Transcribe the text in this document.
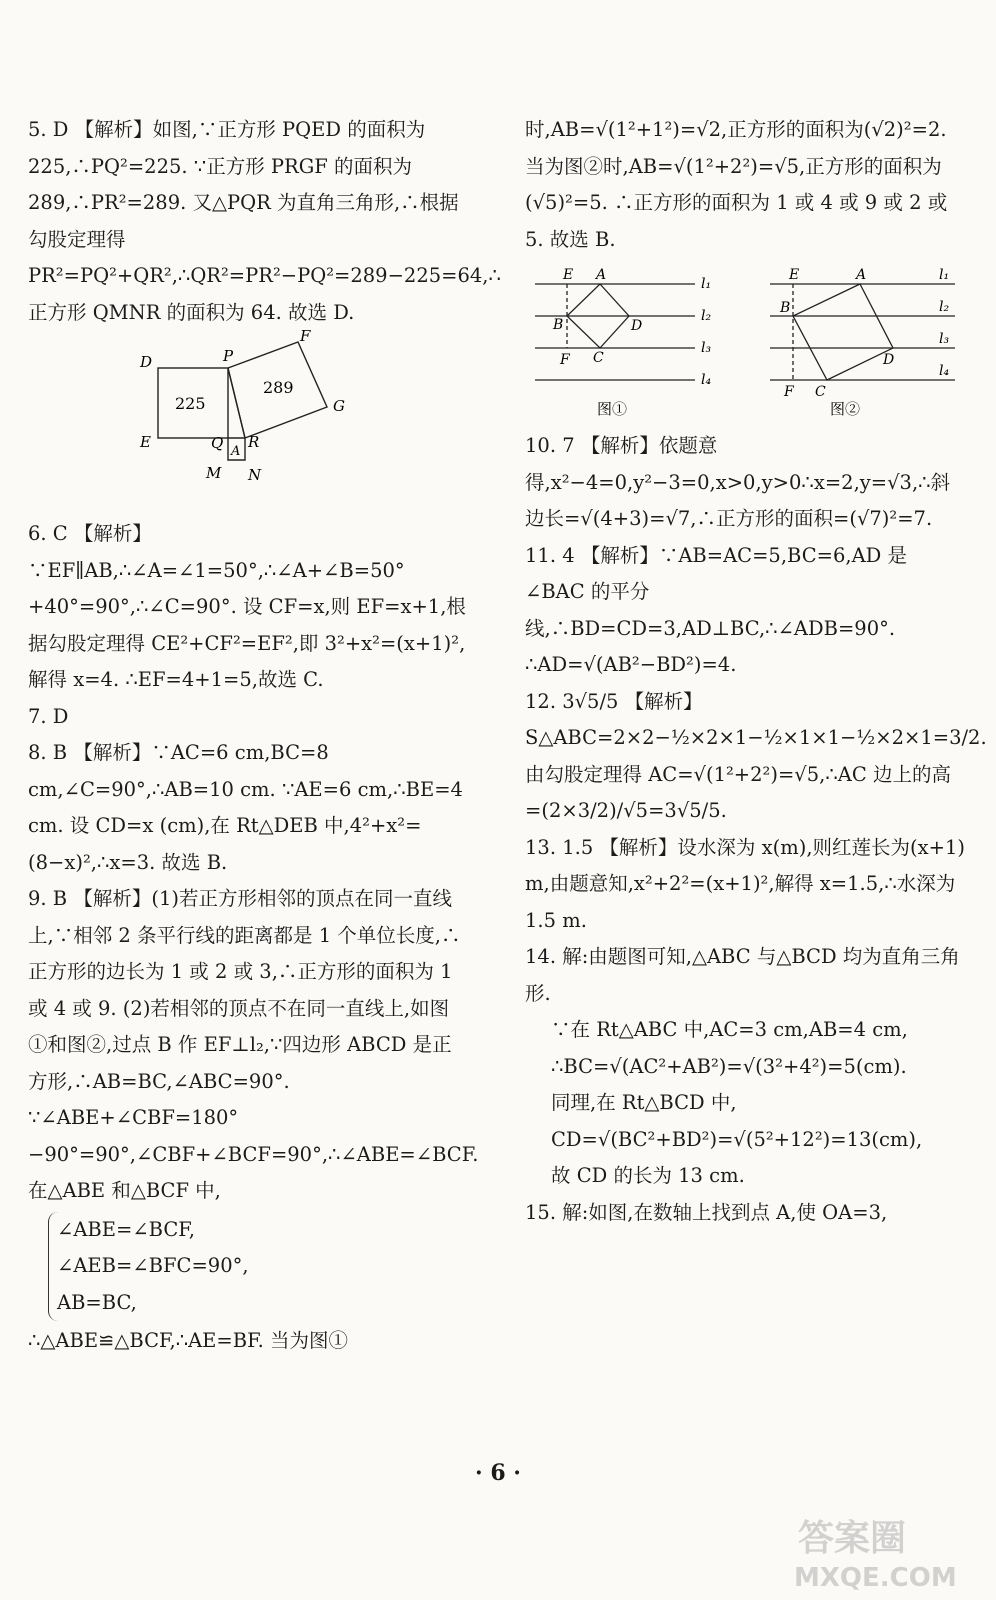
5. D 【解析】如图,∵正方形 PQED 的面积为 225,∴PQ²=225. ∵正方形 PRGF 的面积为 289,∴PR²=289. 又△PQR 为直角三角形,∴根据勾股定理得 PR²=PQ²+QR²,∴QR²=PR²−PQ²=289−225=64,∴正方形 QMNR 的面积为 64. 故选 D.

D	P
F
E	Q R
M N
G
A
225
289

6. C 【解析】∵EF∥AB,∴∠A=∠1=50°,∴∠A+∠B=50°+40°=90°,∴∠C=90°. 设 CF=x,则 EF=x+1,根据勾股定理得 CE²+CF²=EF²,即 3²+x²=(x+1)²,解得 x=4. ∴EF=4+1=5,故选 C.

7. D

8. B 【解析】∵AC=6 cm,BC=8 cm,∠C=90°,∴AB=10 cm. ∵AE=6 cm,∴BE=4 cm. 设 CD=x (cm),在 Rt△DEB 中,4²+x²=(8−x)²,∴x=3. 故选 B.

9. B 【解析】(1)若正方形相邻的顶点在同一直线上,∵相邻 2 条平行线的距离都是 1 个单位长度,∴正方形的边长为 1 或 2 或 3,∴正方形的面积为 1 或 4 或 9. (2)若相邻的顶点不在同一直线上,如图①和图②,过点 B 作 EF⊥l₂,∵四边形 ABCD 是正方形,∴AB=BC,∠ABC=90°. ∵∠ABE+∠CBF=180°−90°=90°,∠CBF+∠BCF=90°,∴∠ABE=∠BCF. 在△ABE 和△BCF 中,

∠ABE=∠BCF,
∠AEB=∠BFC=90°,
AB=BC,

∴△ABE≌△BCF,∴AE=BF. 当为图①

时,AB=√(1²+1²)=√2,正方形的面积为(√2)²=2. 当为图②时,AB=√(1²+2²)=√5,正方形的面积为(√5)²=5. ∴正方形的面积为 1 或 4 或 9 或 2 或 5. 故选 B.

E A
B	D
F C
l₁
l₂
l₃
l₄
E	A
B
D
F C
l₁
l₂
l₃
l₄
图①	图②

10. 7 【解析】依题意得,x²−4=0,y²−3=0,x>0,y>0∴x=2,y=√3,∴斜边长=√(4+3)=√7,∴正方形的面积=(√7)²=7.

11. 4 【解析】∵AB=AC=5,BC=6,AD 是∠BAC 的平分线,∴BD=CD=3,AD⊥BC,∴∠ADB=90°. ∴AD=√(AB²−BD²)=4.

12. 3√5/5 【解析】S△ABC=2×2−½×2×1−½×1×1−½×2×1=3/2. 由勾股定理得 AC=√(1²+2²)=√5,∴AC 边上的高=(2×3/2)/√5=3√5/5.

13. 1.5 【解析】设水深为 x(m),则红莲长为(x+1) m,由题意知,x²+2²=(x+1)²,解得 x=1.5,∴水深为 1.5 m.

14. 解:由题图可知,△ABC 与△BCD 均为直角三角形.

∵在 Rt△ABC 中,AC=3 cm,AB=4 cm,

∴BC=√(AC²+AB²)=√(3²+4²)=5(cm).

同理,在 Rt△BCD 中,

CD=√(BC²+BD²)=√(5²+12²)=13(cm),

故 CD 的长为 13 cm.

15. 解:如图,在数轴上找到点 A,使 OA=3,

· 6 ·
答案圈
MXQE.COM
